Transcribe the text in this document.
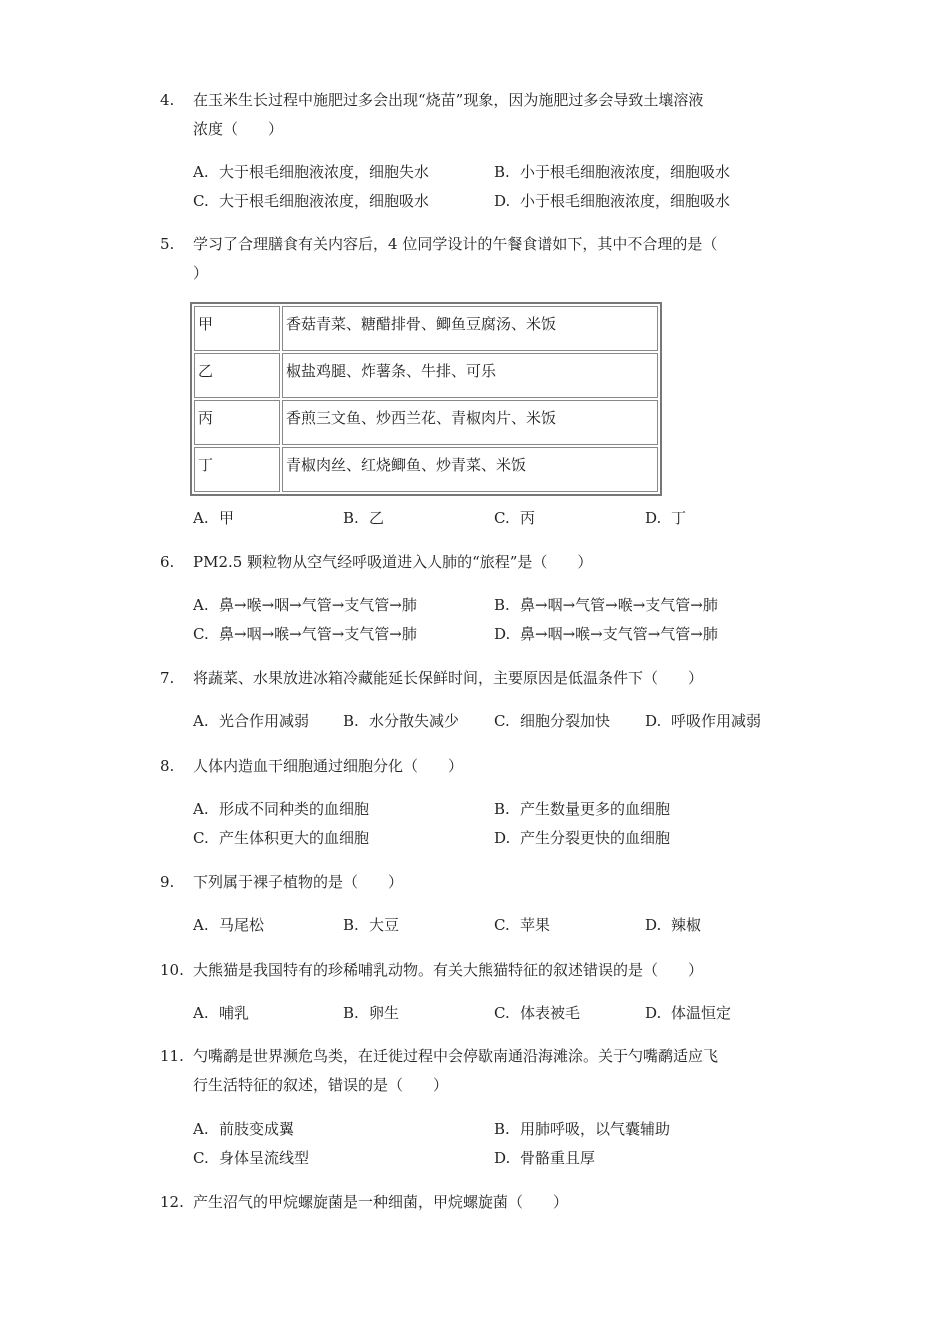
4. 在玉米生长过程中施肥过多会出现“烧苗”现象，因为施肥过多会导致土壤溶液
浓度（　　）
A. 大于根毛细胞液浓度，细胞失水	B. 小于根毛细胞液浓度，细胞吸水
C. 大于根毛细胞液浓度，细胞吸水	D. 小于根毛细胞液浓度，细胞吸水
5. 学习了合理膳食有关内容后，4 位同学设计的午餐食谱如下，其中不合理的是（
）
甲	香菇青菜、糖醋排骨、鲫鱼豆腐汤、米饭
乙	椒盐鸡腿、炸薯条、牛排、可乐
丙	香煎三文鱼、炒西兰花、青椒肉片、米饭
丁	青椒肉丝、红烧鲫鱼、炒青菜、米饭
A. 甲	B. 乙	C. 丙	D. 丁
6. PM2.5 颗粒物从空气经呼吸道进入人肺的“旅程”是（　　）
A. 鼻→喉→咽→气管→支气管→肺	B. 鼻→咽→气管→喉→支气管→肺
C. 鼻→咽→喉→气管→支气管→肺	D. 鼻→咽→喉→支气管→气管→肺
7. 将蔬菜、水果放进冰箱冷藏能延长保鲜时间，主要原因是低温条件下（　　）
A. 光合作用减弱 B. 水分散失减少 C. 细胞分裂加快 D. 呼吸作用减弱
8. 人体内造血干细胞通过细胞分化（　　）
A. 形成不同种类的血细胞	B. 产生数量更多的血细胞
C. 产生体积更大的血细胞	D. 产生分裂更快的血细胞
9. 下列属于裸子植物的是（　　）
A. 马尾松	B. 大豆	C. 苹果	D. 辣椒
10. 大熊猫是我国特有的珍稀哺乳动物。有关大熊猫特征的叙述错误的是（　　）
A. 哺乳	B. 卵生	C. 体表被毛	D. 体温恒定
11. 勺嘴鹬是世界濒危鸟类，在迁徙过程中会停歇南通沿海滩涂。关于勺嘴鹬适应飞
行生活特征的叙述，错误的是（　　）
A. 前肢变成翼	B. 用肺呼吸，以气囊辅助
C. 身体呈流线型	D. 骨骼重且厚
12. 产生沼气的甲烷螺旋菌是一种细菌，甲烷螺旋菌（　　）
